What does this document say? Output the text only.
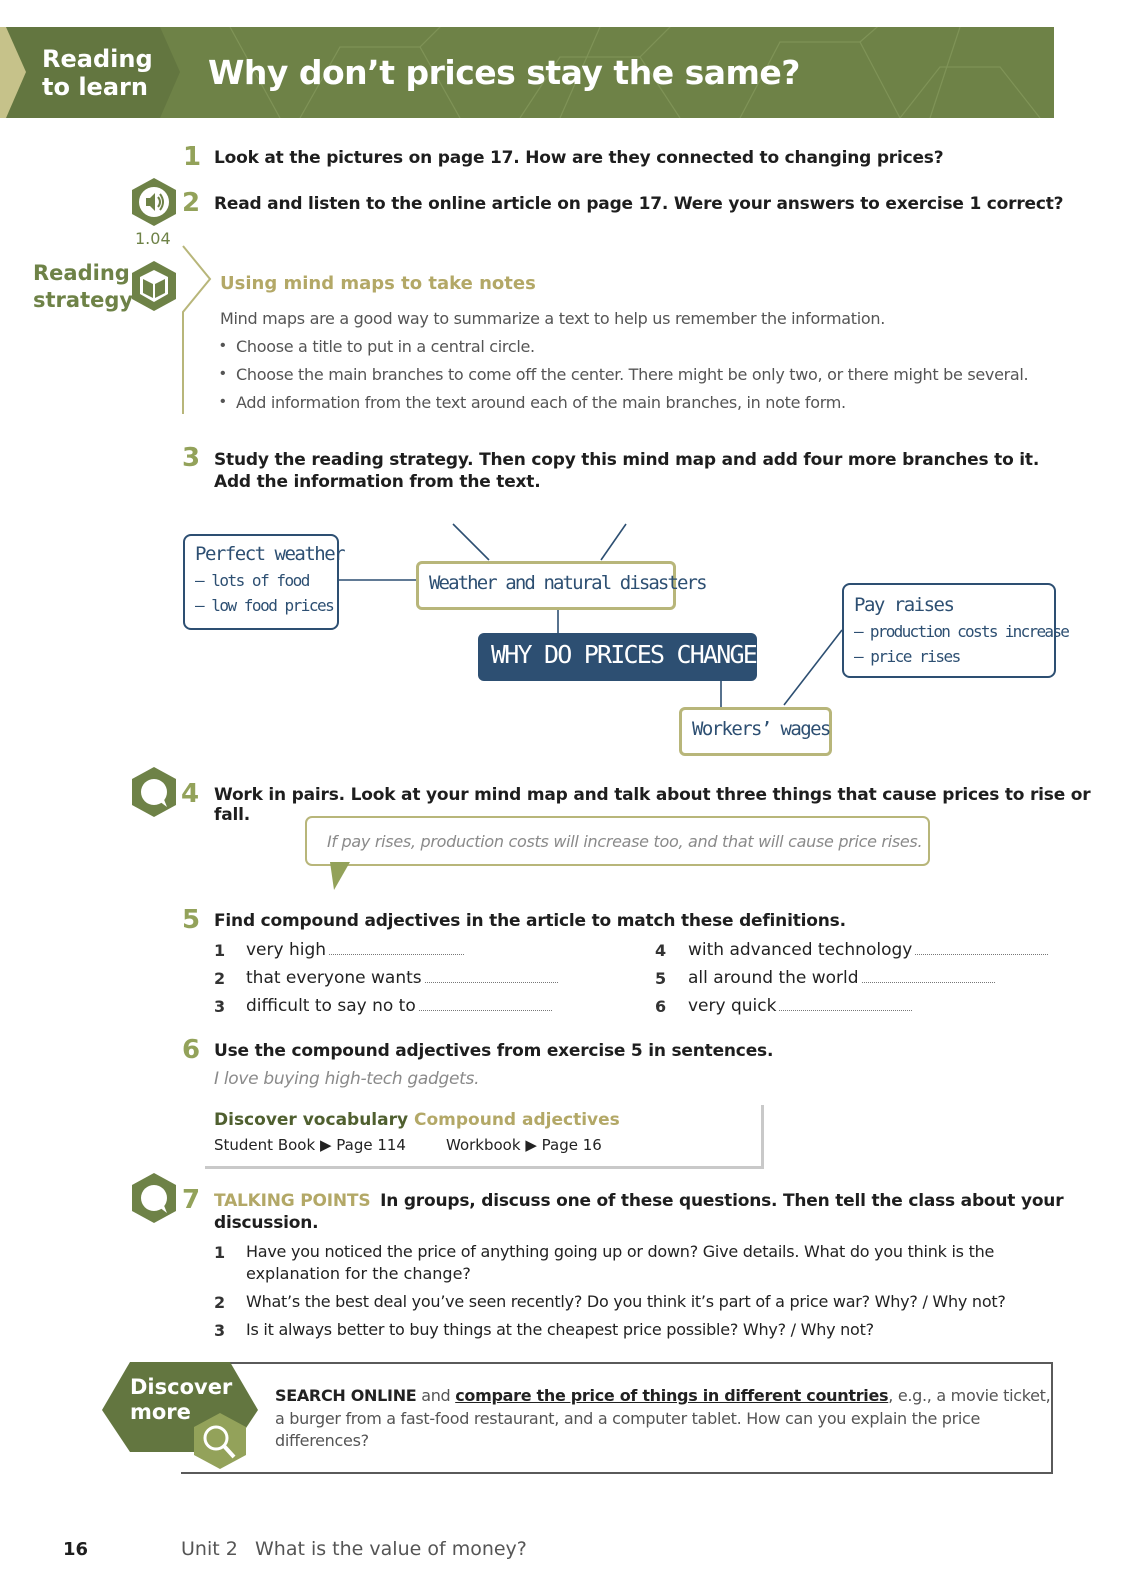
Reading
to learn Why don’t prices stay the same?
1 Look at the pictures on page 17. How are they connected to changing prices?
1.04
2 Read and listen to the online article on page 17. Were your answers to exercise 1 correct?
Reading
strategy
Using mind maps to take notes
Mind maps are a good way to summarize a text to help us remember the information.
• Choose a title to put in a central circle.
• Choose the main branches to come off the center. There might be only two, or there might be several.
• Add information from the text around each of the main branches, in note form.
3 Study the reading strategy. Then copy this mind map and add four more branches to it.
Add the information from the text.
Perfect weather
– lots of food
– low food prices
Weather and natural disasters
WHY DO PRICES CHANGE?
Pay raises
– production costs increase
– price rises
Workers’ wages
4 Work in pairs. Look at your mind map and talk about three things that cause prices to rise or fall.
If pay rises, production costs will increase too, and that will cause price rises.
5 Find compound adjectives in the article to match these definitions.
1 very high
2 that everyone wants
3 difficult to say no to
4 with advanced technology
5 all around the world
6 very quick
6 Use the compound adjectives from exercise 5 in sentences.
I love buying high-tech gadgets.
Discover vocabulary Compound adjectives
Student Book ▶ Page 114	Workbook ▶ Page 16
7 TALKING POINTS In groups, discuss one of these questions. Then tell the class about your
discussion.
1 Have you noticed the price of anything going up or down? Give details. What do you think is the
explanation for the change?
2 What’s the best deal you’ve seen recently? Do you think it’s part of a price war? Why? / Why not?
3 Is it always better to buy things at the cheapest price possible? Why? / Why not?
Discover
more
SEARCH ONLINE and compare the price of things in different countries, e.g., a movie ticket,
a burger from a fast-food restaurant, and a computer tablet. How can you explain the price
differences?
16	Unit 2 What is the value of money?
